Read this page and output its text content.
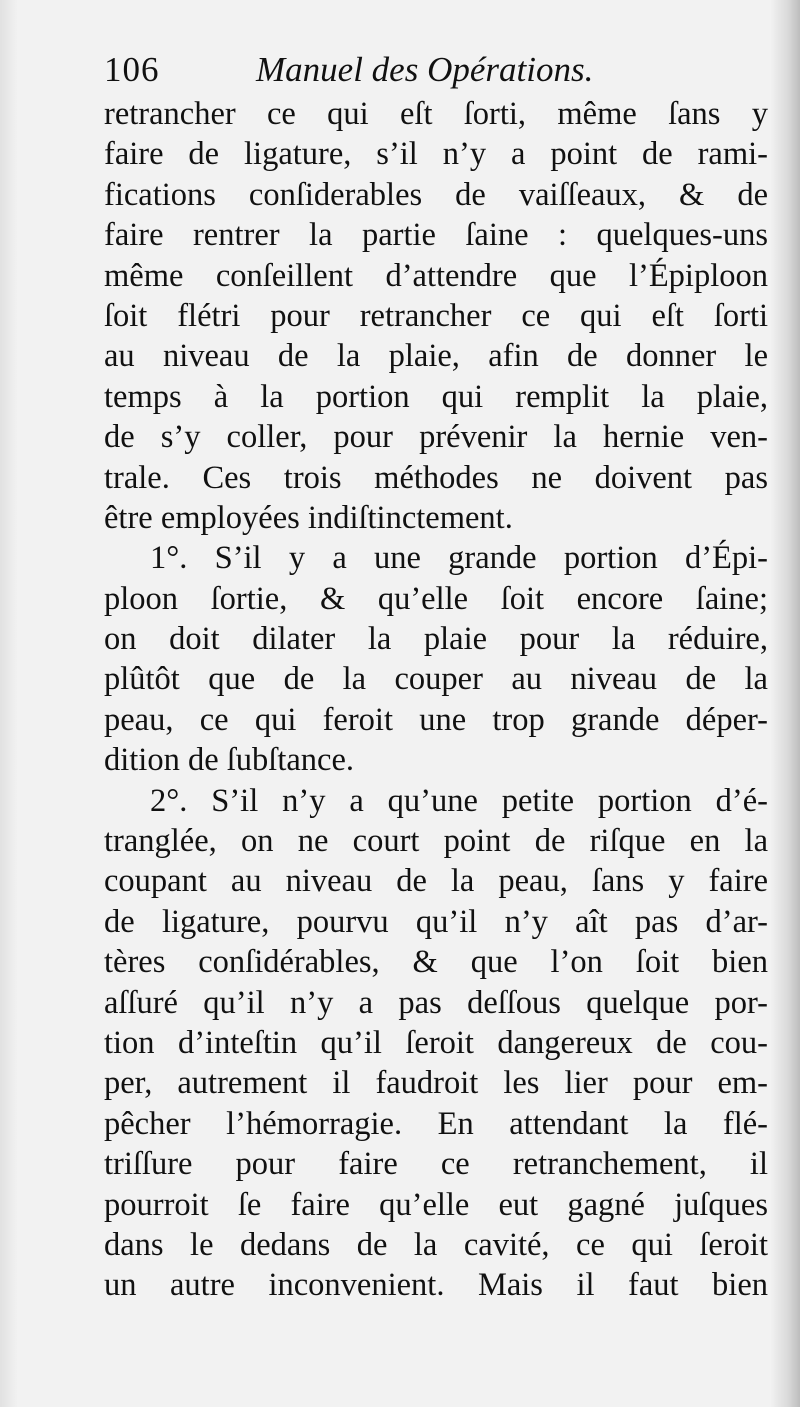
106	Manuel des Opérations.
retrancher ce qui eſt ſorti, même ſans y
faire de ligature, s’il n’y a point de rami-
fications conſiderables de vaiſſeaux, & de
faire rentrer la partie ſaine : quelques-uns
même conſeillent d’attendre que l’Épiploon
ſoit flétri pour retrancher ce qui eſt ſorti
au niveau de la plaie, afin de donner le
temps à la portion qui remplit la plaie,
de s’y coller, pour prévenir la hernie ven-
trale. Ces trois méthodes ne doivent pas
être employées indiſtinctement.
1°. S’il y a une grande portion d’Épi-
ploon ſortie, & qu’elle ſoit encore ſaine;
on doit dilater la plaie pour la réduire,
plûtôt que de la couper au niveau de la
peau, ce qui feroit une trop grande déper-
dition de ſubſtance.
2°. S’il n’y a qu’une petite portion d’é-
tranglée, on ne court point de riſque en la
coupant au niveau de la peau, ſans y faire
de ligature, pourvu qu’il n’y aît pas d’ar-
tères conſidérables, & que l’on ſoit bien
aſſuré qu’il n’y a pas deſſous quelque por-
tion d’inteſtin qu’il ſeroit dangereux de cou-
per, autrement il faudroit les lier pour em-
pêcher l’hémorragie. En attendant la flé-
triſſure pour faire ce retranchement, il
pourroit ſe faire qu’elle eut gagné juſques
dans le dedans de la cavité, ce qui ſeroit
un autre inconvenient. Mais il faut bien
